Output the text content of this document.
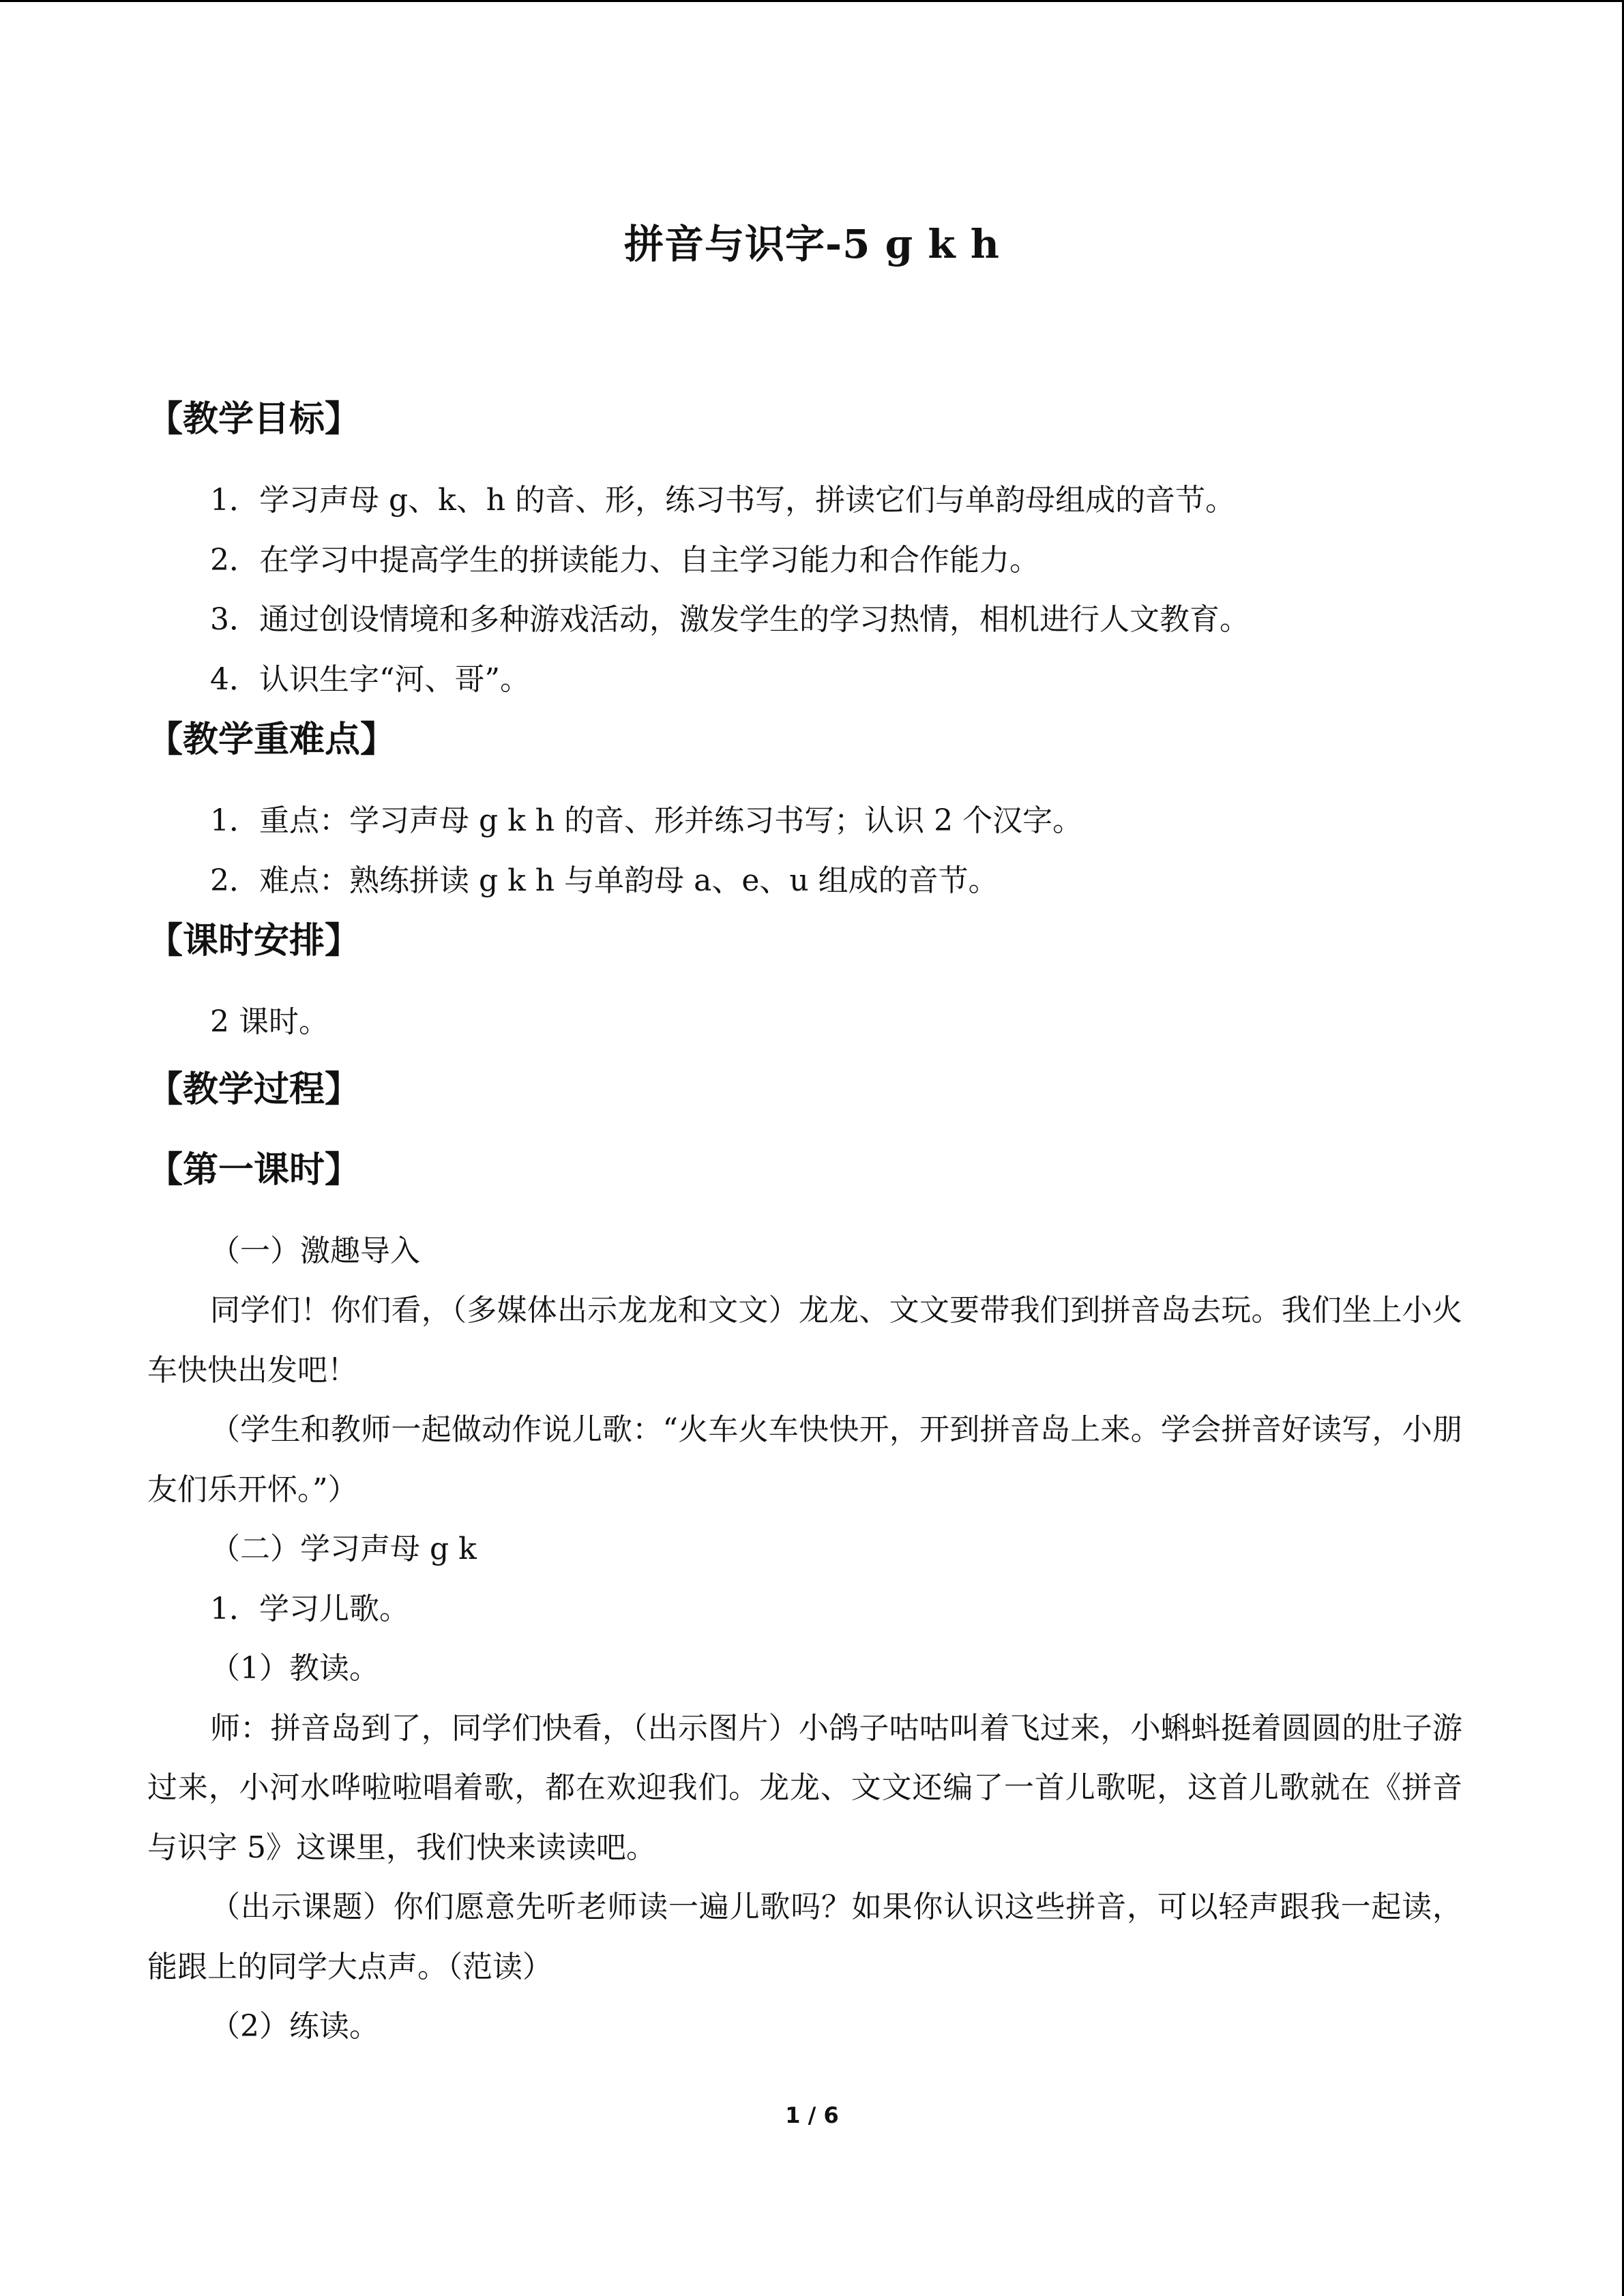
拼音与识字-5 ɡ k h
【教学目标】
1．学习声母 g、k、h 的音、形，练习书写，拼读它们与单韵母组成的音节。
2．在学习中提高学生的拼读能力、自主学习能力和合作能力。
3．通过创设情境和多种游戏活动，激发学生的学习热情，相机进行人文教育。
4．认识生字“河、哥”。
【教学重难点】
1．重点：学习声母 g k h 的音、形并练习书写；认识 2 个汉字。
2．难点：熟练拼读 g k h 与单韵母 a、e、u 组成的音节。
【课时安排】
2 课时。
【教学过程】
【第一课时】
（一）激趣导入
同学们！你们看，（多媒体出示龙龙和文文）龙龙、文文要带我们到拼音岛去玩。我们坐上小火车快快出发吧！
（学生和教师一起做动作说儿歌：“火车火车快快开，开到拼音岛上来。学会拼音好读写，小朋友们乐开怀。”）
（二）学习声母 g k
1．学习儿歌。
（1）教读。
师：拼音岛到了，同学们快看，（出示图片）小鸽子咕咕叫着飞过来，小蝌蚪挺着圆圆的肚子游过来，小河水哗啦啦唱着歌，都在欢迎我们。龙龙、文文还编了一首儿歌呢，这首儿歌就在《拼音与识字 5》这课里，我们快来读读吧。
（出示课题）你们愿意先听老师读一遍儿歌吗？如果你认识这些拼音，可以轻声跟我一起读，能跟上的同学大点声。（范读）
（2）练读。
1 / 6
